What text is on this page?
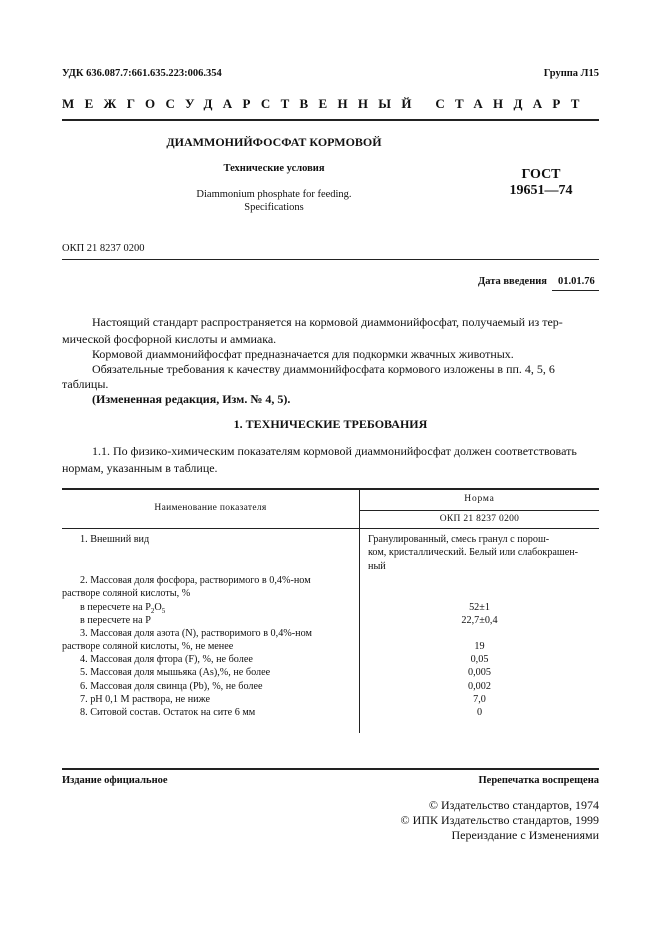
УДК 636.087.7:661.635.223:006.354	Группа Л15
МЕЖГОСУДАРСТВЕННЫЙ СТАНДАРТ
ДИАММОНИЙФОСФАТ КОРМОВОЙ
Технические условия
Diammonium phosphate for feeding.
Specifications
ГОСТ
19651—74
ОКП 21 8237 0200
Дата введения 01.01.76
Настоящий стандарт распространяется на кормовой диаммонийфосфат, получаемый из тер-
мической фосфорной кислоты и аммиака.
Кормовой диаммонийфосфат предназначается для подкормки жвачных животных.
Обязательные требования к качеству диаммонийфосфата кормового изложены в пп. 4, 5, 6
таблицы.
(Измененная редакция, Изм. № 4, 5).
1. ТЕХНИЧЕСКИЕ ТРЕБОВАНИЯ
1.1. По физико-химическим показателям кормовой диаммонийфосфат должен соответствовать
нормам, указанным в таблице.
Наименование показателя
Норма
ОКП 21 8237 0200
1. Внешний вид	Гранулированный, смесь гранул с порош-
ком, кристаллический. Белый или слабокрашен-
ный
2. Массовая доля фосфора, растворимого в 0,4%-ном
растворе соляной кислоты, %
в пересчете на $P_2O_5$	52±1
в пересчете на P	22,7±0,4
3. Массовая доля азота (N), растворимого в 0,4%-ном
растворе соляной кислоты, %, не менее	19
4. Массовая доля фтора (F), %, не более	0,05
5. Массовая доля мышьяка (As),%, не более	0,005
6. Массовая доля свинца (Pb), %, не более	0,002
7. pH 0,1 M раствора, не ниже	7,0
8. Ситовой состав. Остаток на сите 6 мм	0
Издание официальное	Перепечатка воспрещена
© Издательство стандартов, 1974
© ИПК Издательство стандартов, 1999
Переиздание с Изменениями
